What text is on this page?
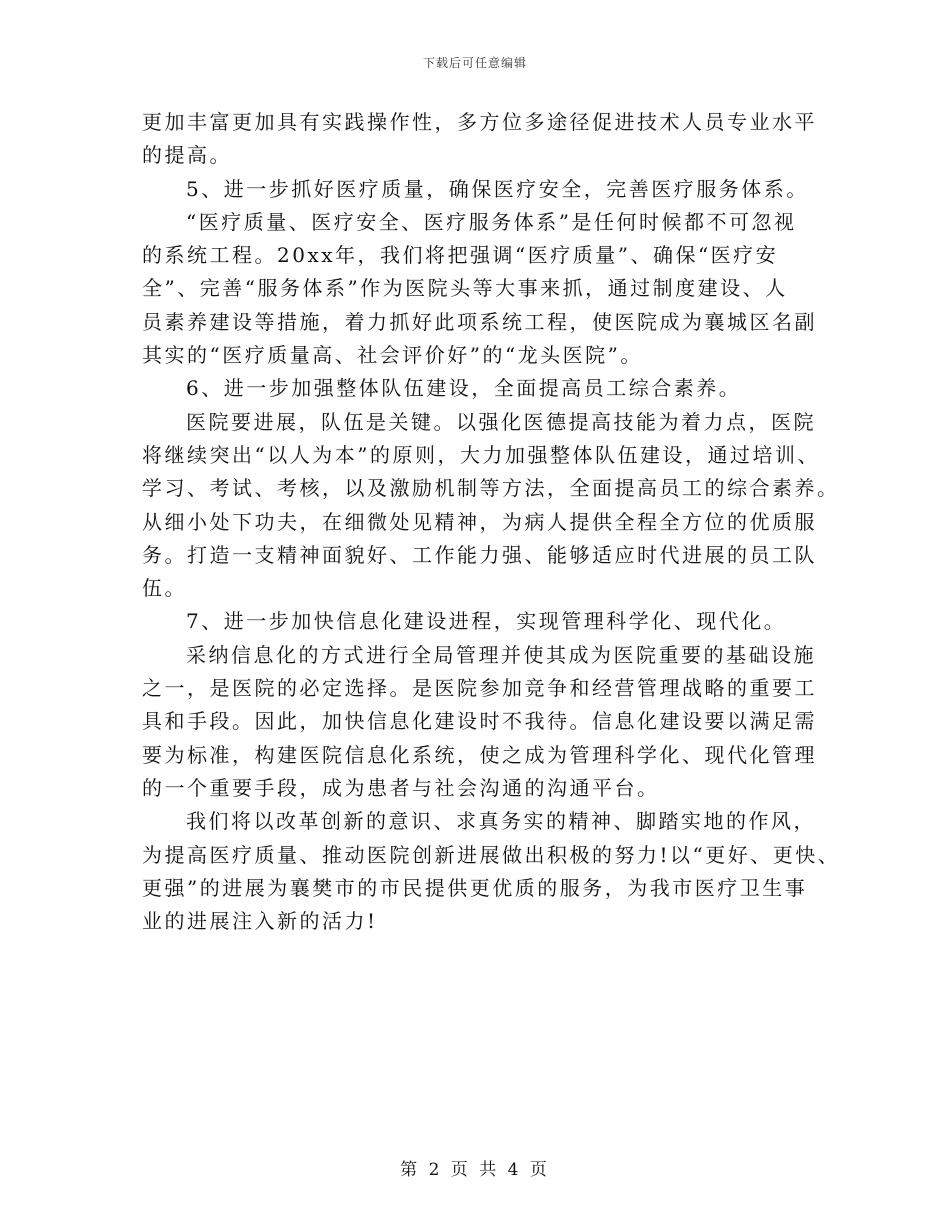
下载后可任意编辑
更加丰富更加具有实践操作性，多方位多途径促进技术人员专业水平
的提高。
5、进一步抓好医疗质量，确保医疗安全，完善医疗服务体系。
“医疗质量、医疗安全、医疗服务体系”是任何时候都不可忽视
的系统工程。20xx年，我们将把强调“医疗质量”、确保“医疗安
全”、完善“服务体系”作为医院头等大事来抓，通过制度建设、人
员素养建设等措施，着力抓好此项系统工程，使医院成为襄城区名副
其实的“医疗质量高、社会评价好”的“龙头医院”。
6、进一步加强整体队伍建设，全面提高员工综合素养。
医院要进展，队伍是关键。以强化医德提高技能为着力点，医院
将继续突出“以人为本”的原则，大力加强整体队伍建设，通过培训、
学习、考试、考核，以及激励机制等方法，全面提高员工的综合素养。
从细小处下功夫，在细微处见精神，为病人提供全程全方位的优质服
务。打造一支精神面貌好、工作能力强、能够适应时代进展的员工队
伍。
7、进一步加快信息化建设进程，实现管理科学化、现代化。
采纳信息化的方式进行全局管理并使其成为医院重要的基础设施
之一，是医院的必定选择。是医院参加竞争和经营管理战略的重要工
具和手段。因此，加快信息化建设时不我待。信息化建设要以满足需
要为标准，构建医院信息化系统，使之成为管理科学化、现代化管理
的一个重要手段，成为患者与社会沟通的沟通平台。
我们将以改革创新的意识、求真务实的精神、脚踏实地的作风，
为提高医疗质量、推动医院创新进展做出积极的努力!以“更好、更快、
更强”的进展为襄樊市的市民提供更优质的服务，为我市医疗卫生事
业的进展注入新的活力!
第 2 页 共 4 页
